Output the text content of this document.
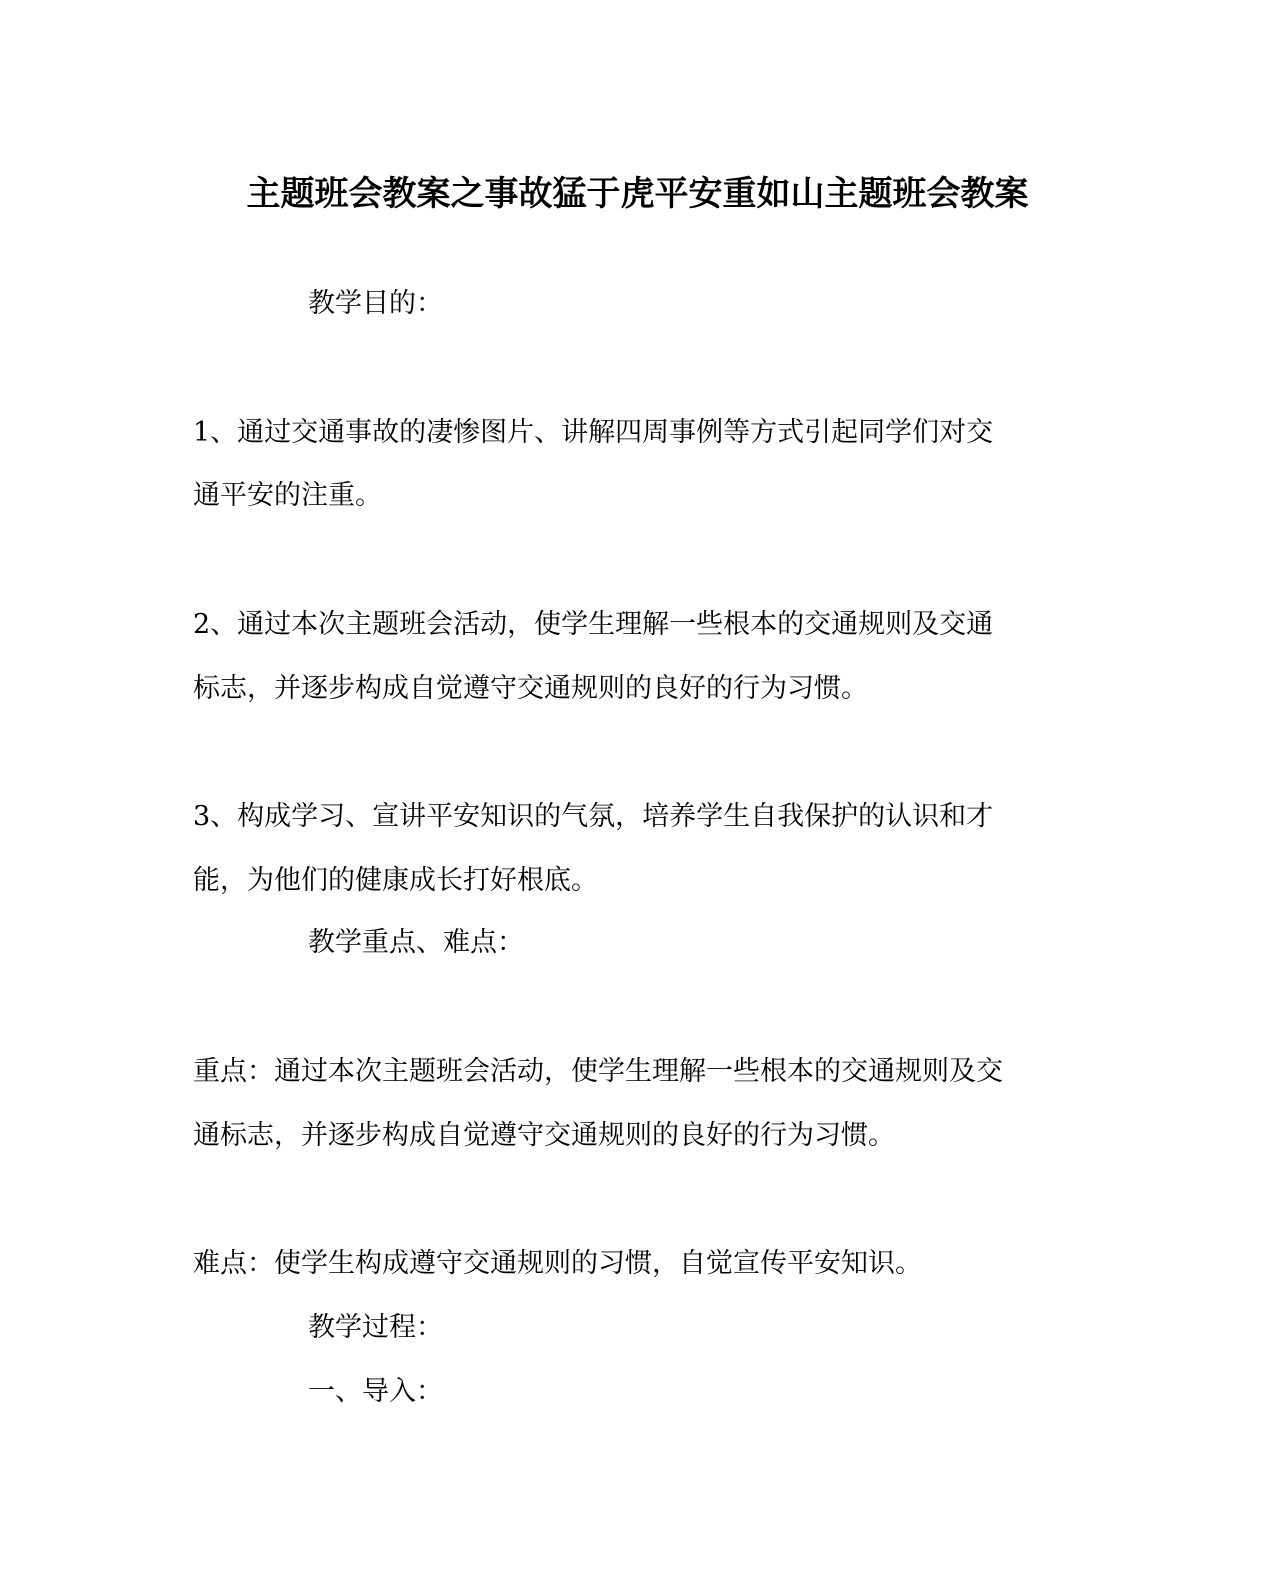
主题班会教案之事故猛于虎平安重如山主题班会教案
教学目的：
1、通过交通事故的凄惨图片、讲解四周事例等方式引起同学们对交
通平安的注重。
2、通过本次主题班会活动，使学生理解一些根本的交通规则及交通
标志，并逐步构成自觉遵守交通规则的良好的行为习惯。
3、构成学习、宣讲平安知识的气氛，培养学生自我保护的认识和才
能，为他们的健康成长打好根底。
教学重点、难点：
重点：通过本次主题班会活动，使学生理解一些根本的交通规则及交
通标志，并逐步构成自觉遵守交通规则的良好的行为习惯。
难点：使学生构成遵守交通规则的习惯，自觉宣传平安知识。
教学过程：
一、导入：
